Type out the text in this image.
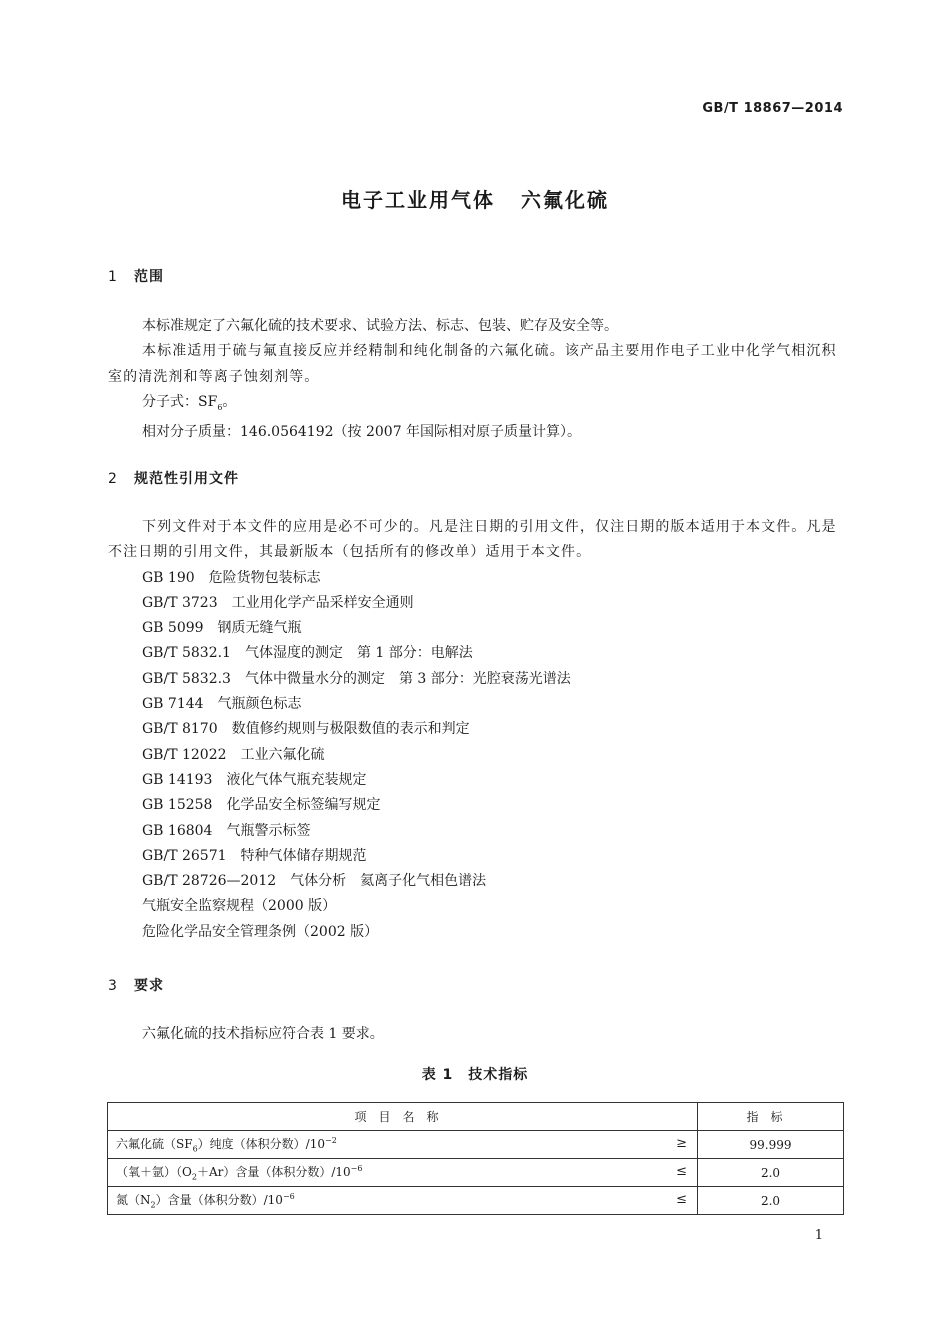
GB/T 18867—2014
电子工业用气体 六氟化硫
1 范围

本标准规定了六氟化硫的技术要求、试验方法、标志、包装、贮存及安全等。

本标准适用于硫与氟直接反应并经精制和纯化制备的六氟化硫。该产品主要用作电子工业中化学气相沉积室的清洗剂和等离子蚀刻剂等。

分子式：$SF_6$。

相对分子质量：146.0564192（按 2007 年国际相对原子质量计算）。

2 规范性引用文件

下列文件对于本文件的应用是必不可少的。凡是注日期的引用文件，仅注日期的版本适用于本文件。凡是不注日期的引用文件，其最新版本（包括所有的修改单）适用于本文件。

GB 190　危险货物包装标志

GB/T 3723　工业用化学产品采样安全通则

GB 5099　钢质无缝气瓶

GB/T 5832.1　气体湿度的测定　第 1 部分：电解法

GB/T 5832.3　气体中微量水分的测定　第 3 部分：光腔衰荡光谱法

GB 7144　气瓶颜色标志

GB/T 8170　数值修约规则与极限数值的表示和判定

GB/T 12022　工业六氟化硫

GB 14193　液化气体气瓶充装规定

GB 15258　化学品安全标签编写规定

GB 16804　气瓶警示标签

GB/T 26571　特种气体储存期规范

GB/T 28726—2012　气体分析　氦离子化气相色谱法

气瓶安全监察规程（2000 版）

危险化学品安全管理条例（2002 版）

3 要求

六氟化硫的技术指标应符合表 1 要求。

表 1　技术指标
项目名称	指标
六氟化硫$(SF_6)$纯度（体积分数）$/10^{-2}$ ≥	99.999
（氧＋氩）$(O_2+Ar)$含量（体积分数）$/10^{-6}$ ≤	2.0
氮$(N_2)$含量（体积分数）$/10^{-6}$ ≤	2.0
1
